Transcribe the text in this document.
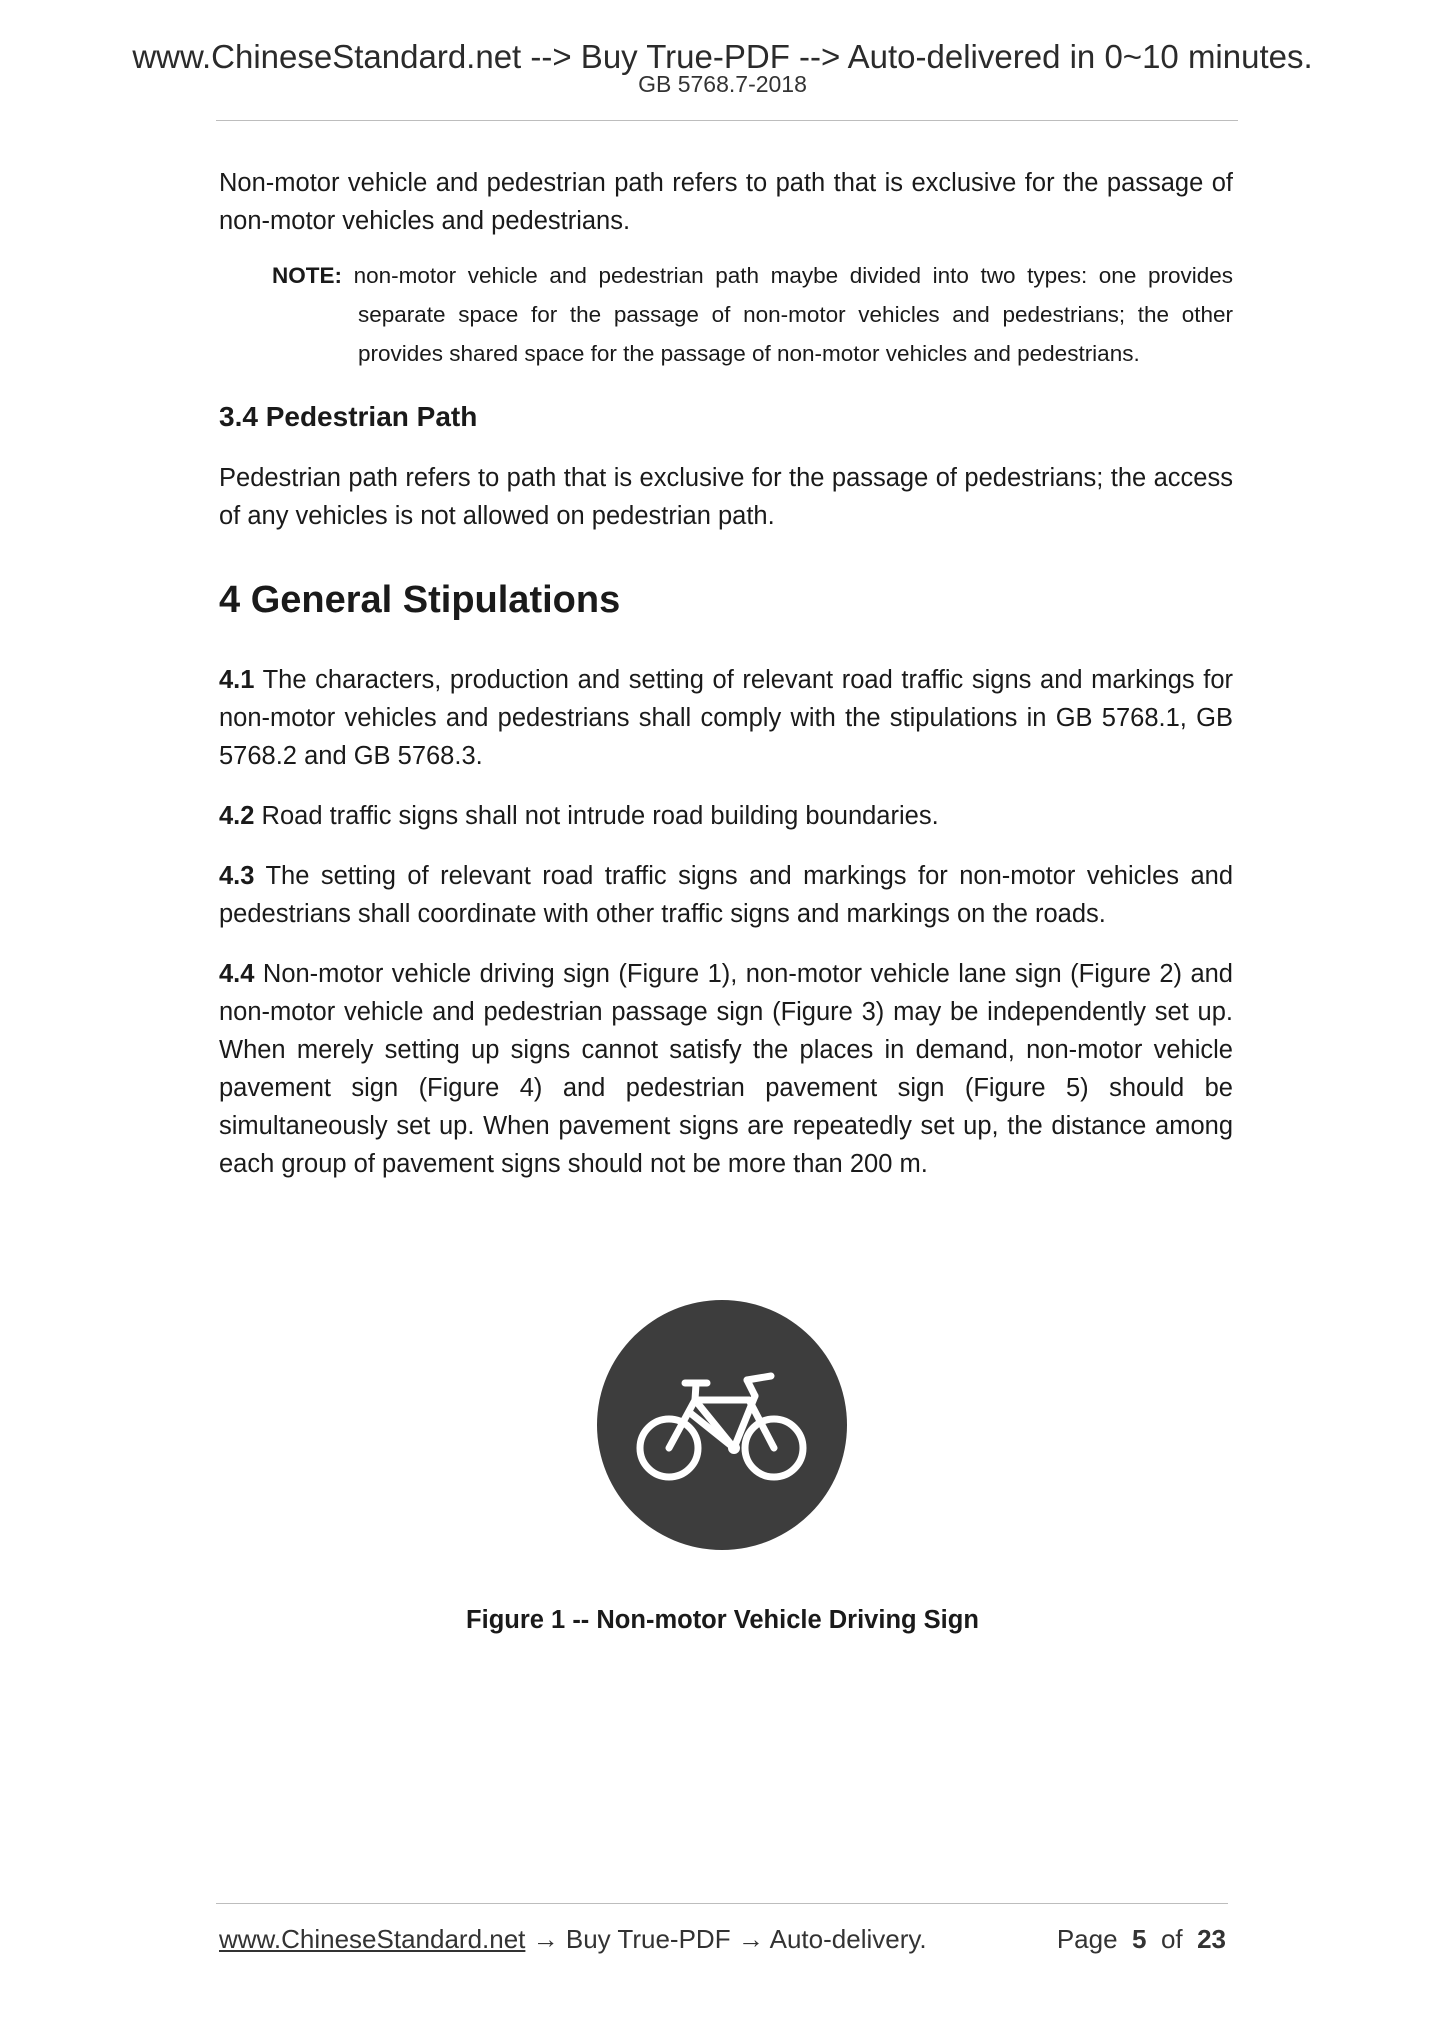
www.ChineseStandard.net --> Buy True-PDF --> Auto-delivered in 0~10 minutes.
GB 5768.7-2018

Non-motor vehicle and pedestrian path refers to path that is exclusive for the passage of non-motor vehicles and pedestrians.

NOTE: non-motor vehicle and pedestrian path maybe divided into two types: one provides separate space for the passage of non-motor vehicles and pedestrians; the other provides shared space for the passage of non-motor vehicles and pedestrians.

3.4 Pedestrian Path

Pedestrian path refers to path that is exclusive for the passage of pedestrians; the access of any vehicles is not allowed on pedestrian path.

4 General Stipulations

4.1 The characters, production and setting of relevant road traffic signs and markings for non-motor vehicles and pedestrians shall comply with the stipulations in GB 5768.1, GB 5768.2 and GB 5768.3.

4.2 Road traffic signs shall not intrude road building boundaries.

4.3 The setting of relevant road traffic signs and markings for non-motor vehicles and pedestrians shall coordinate with other traffic signs and markings on the roads.

4.4 Non-motor vehicle driving sign (Figure 1), non-motor vehicle lane sign (Figure 2) and non-motor vehicle and pedestrian passage sign (Figure 3) may be independently set up. When merely setting up signs cannot satisfy the places in demand, non-motor vehicle pavement sign (Figure 4) and pedestrian pavement sign (Figure 5) should be simultaneously set up. When pavement signs are repeatedly set up, the distance among each group of pavement signs should not be more than 200 m.

Figure 1 -- Non-motor Vehicle Driving Sign
www.ChineseStandard.net → Buy True-PDF → Auto-delivery.	Page 5 of 23
